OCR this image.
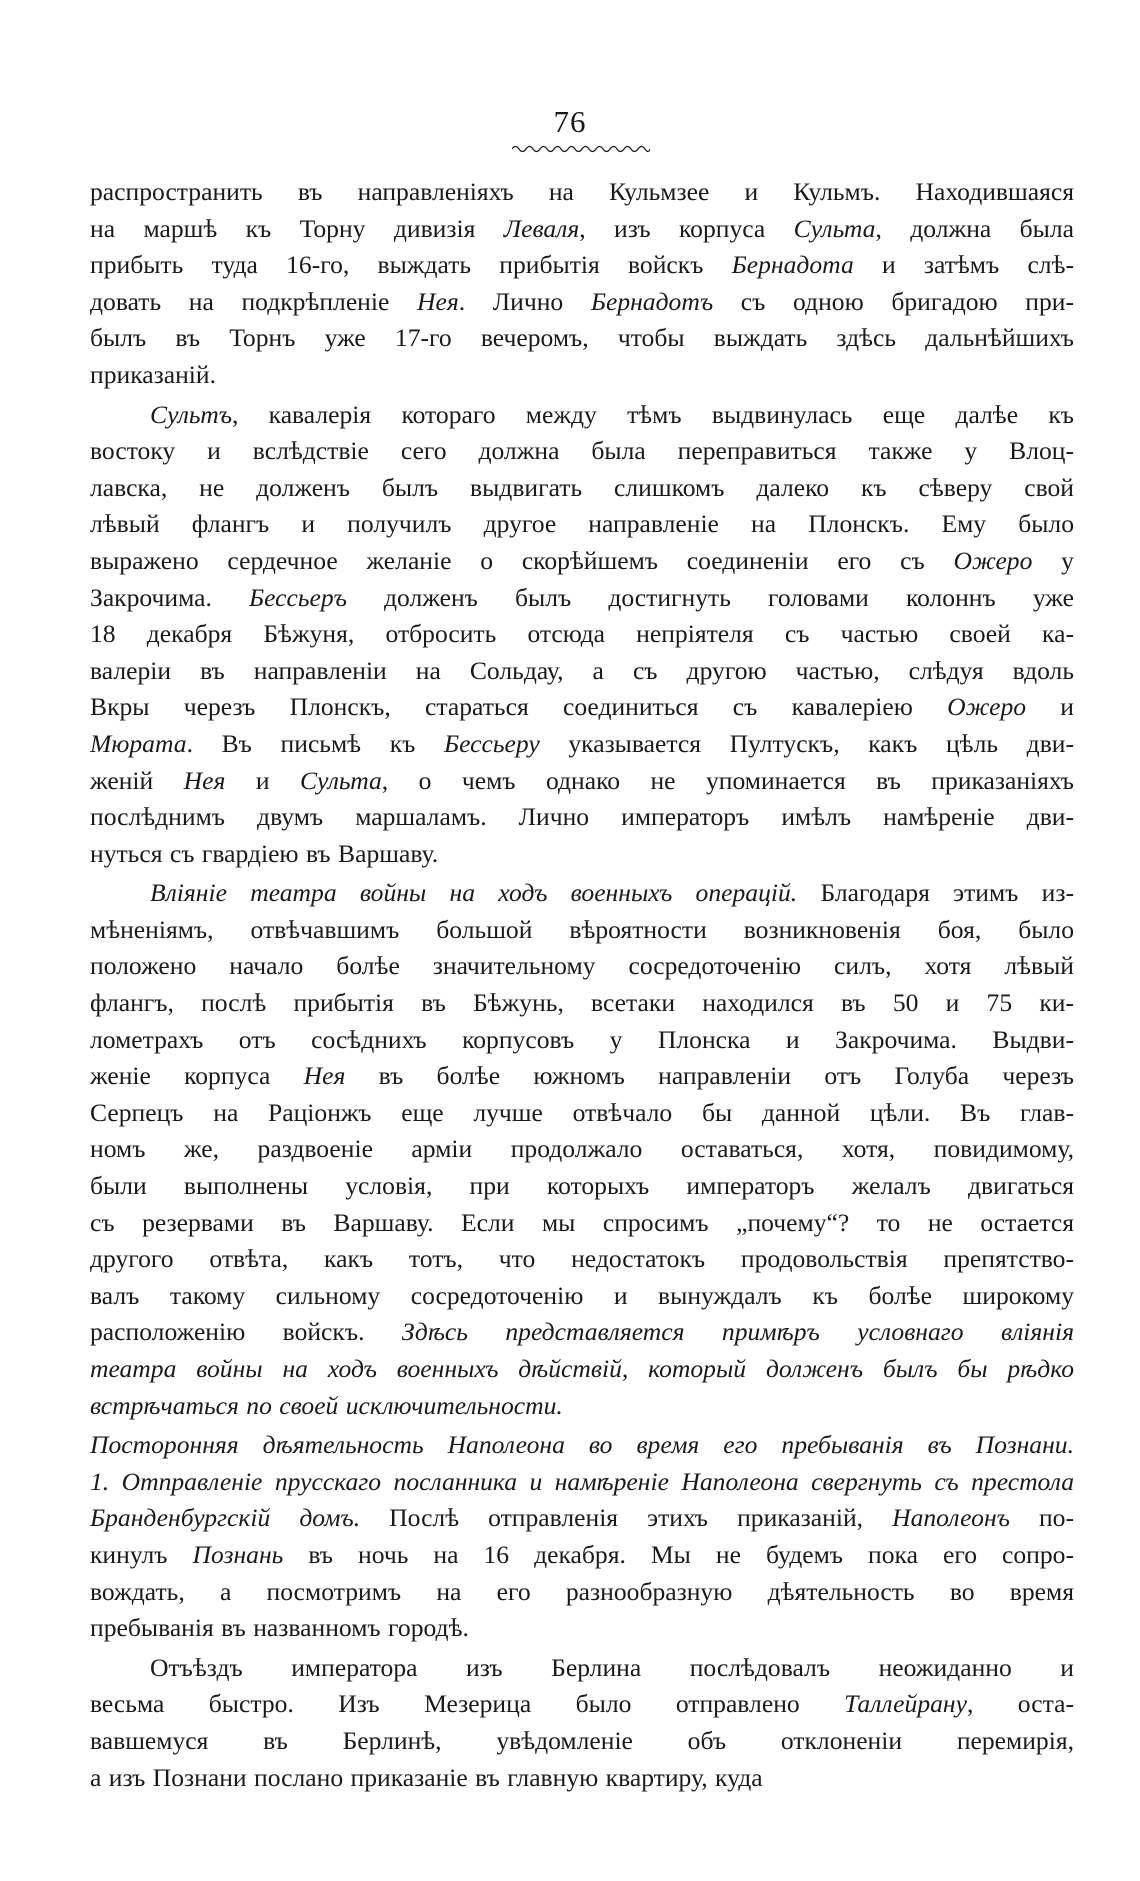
76
распространить въ направленіяхъ на Кульмзее и Кульмъ. Находившаяся
на маршѣ къ Торну дивизія Леваля, изъ корпуса Сульта, должна была
прибыть туда 16-го, выждать прибытія войскъ Бернадота и затѣмъ слѣ-
довать на подкрѣпленіе Нея. Лично Бернадотъ съ одною бригадою при-
былъ въ Торнъ уже 17-го вечеромъ, чтобы выждать здѣсь дальнѣйшихъ
приказаній.
Сультъ, кавалерія котораго между тѣмъ выдвинулась еще далѣе къ
востоку и вслѣдствіе сего должна была переправиться также у Влоц-
лавска, не долженъ былъ выдвигать слишкомъ далеко къ сѣверу свой
лѣвый флангъ и получилъ другое направленіе на Плонскъ. Ему было
выражено сердечное желаніе о скорѣйшемъ соединеніи его съ Ожеро у
Закрочима. Бессьеръ долженъ былъ достигнуть головами колоннъ уже
18 декабря Бѣжуня, отбросить отсюда непріятеля съ частью своей ка-
валеріи въ направленіи на Сольдау, а съ другою частью, слѣдуя вдоль
Вкры черезъ Плонскъ, стараться соединиться съ кавалеріею Ожеро и
Мюрата. Въ письмѣ къ Бессьеру указывается Пултускъ, какъ цѣль дви-
женій Нея и Сульта, о чемъ однако не упоминается въ приказаніяхъ
послѣднимъ двумъ маршаламъ. Лично императоръ имѣлъ намѣреніе дви-
нуться съ гвардіею въ Варшаву.
Вліяніе театра войны на ходъ военныхъ операцій. Благодаря этимъ из-
мѣненіямъ, отвѣчавшимъ большой вѣроятности возникновенія боя, было
положено начало болѣе значительному сосредоточенію силъ, хотя лѣвый
флангъ, послѣ прибытія въ Бѣжунь, всетаки находился въ 50 и 75 ки-
лометрахъ отъ сосѣднихъ корпусовъ у Плонска и Закрочима. Выдви-
женіе корпуса Нея въ болѣе южномъ направленіи отъ Голуба черезъ
Серпецъ на Раціонжъ еще лучше отвѣчало бы данной цѣли. Въ глав-
номъ же, раздвоеніе арміи продолжало оставаться, хотя, повидимому,
были выполнены условія, при которыхъ императоръ желалъ двигаться
съ резервами въ Варшаву. Если мы спросимъ „почему“? то не остается
другого отвѣта, какъ тотъ, что недостатокъ продовольствія препятство-
валъ такому сильному сосредоточенію и вынуждалъ къ болѣе широкому
расположенію войскъ. Здѣсь представляется примѣръ условнаго вліянія
театра войны на ходъ военныхъ дѣйствій, который долженъ былъ бы рѣдко
встрѣчаться по своей исключительности.
Посторонняя дѣятельность Наполеона во время его пребыванія въ Познани.
1. Отправленіе прусскаго посланника и намѣреніе Наполеона свергнуть съ престола
Бранденбургскій домъ. Послѣ отправленія этихъ приказаній, Наполеонъ по-
кинулъ Познань въ ночь на 16 декабря. Мы не будемъ пока его сопро-
вождать, а посмотримъ на его разнообразную дѣятельность во время
пребыванія въ названномъ городѣ.
Отъѣздъ императора изъ Берлина послѣдовалъ неожиданно и
весьма быстро. Изъ Мезерица было отправлено Таллейрану, оста-
вавшемуся въ Берлинѣ, увѣдомленіе объ отклоненіи перемирія,
а изъ Познани послано приказаніе въ главную квартиру, куда
